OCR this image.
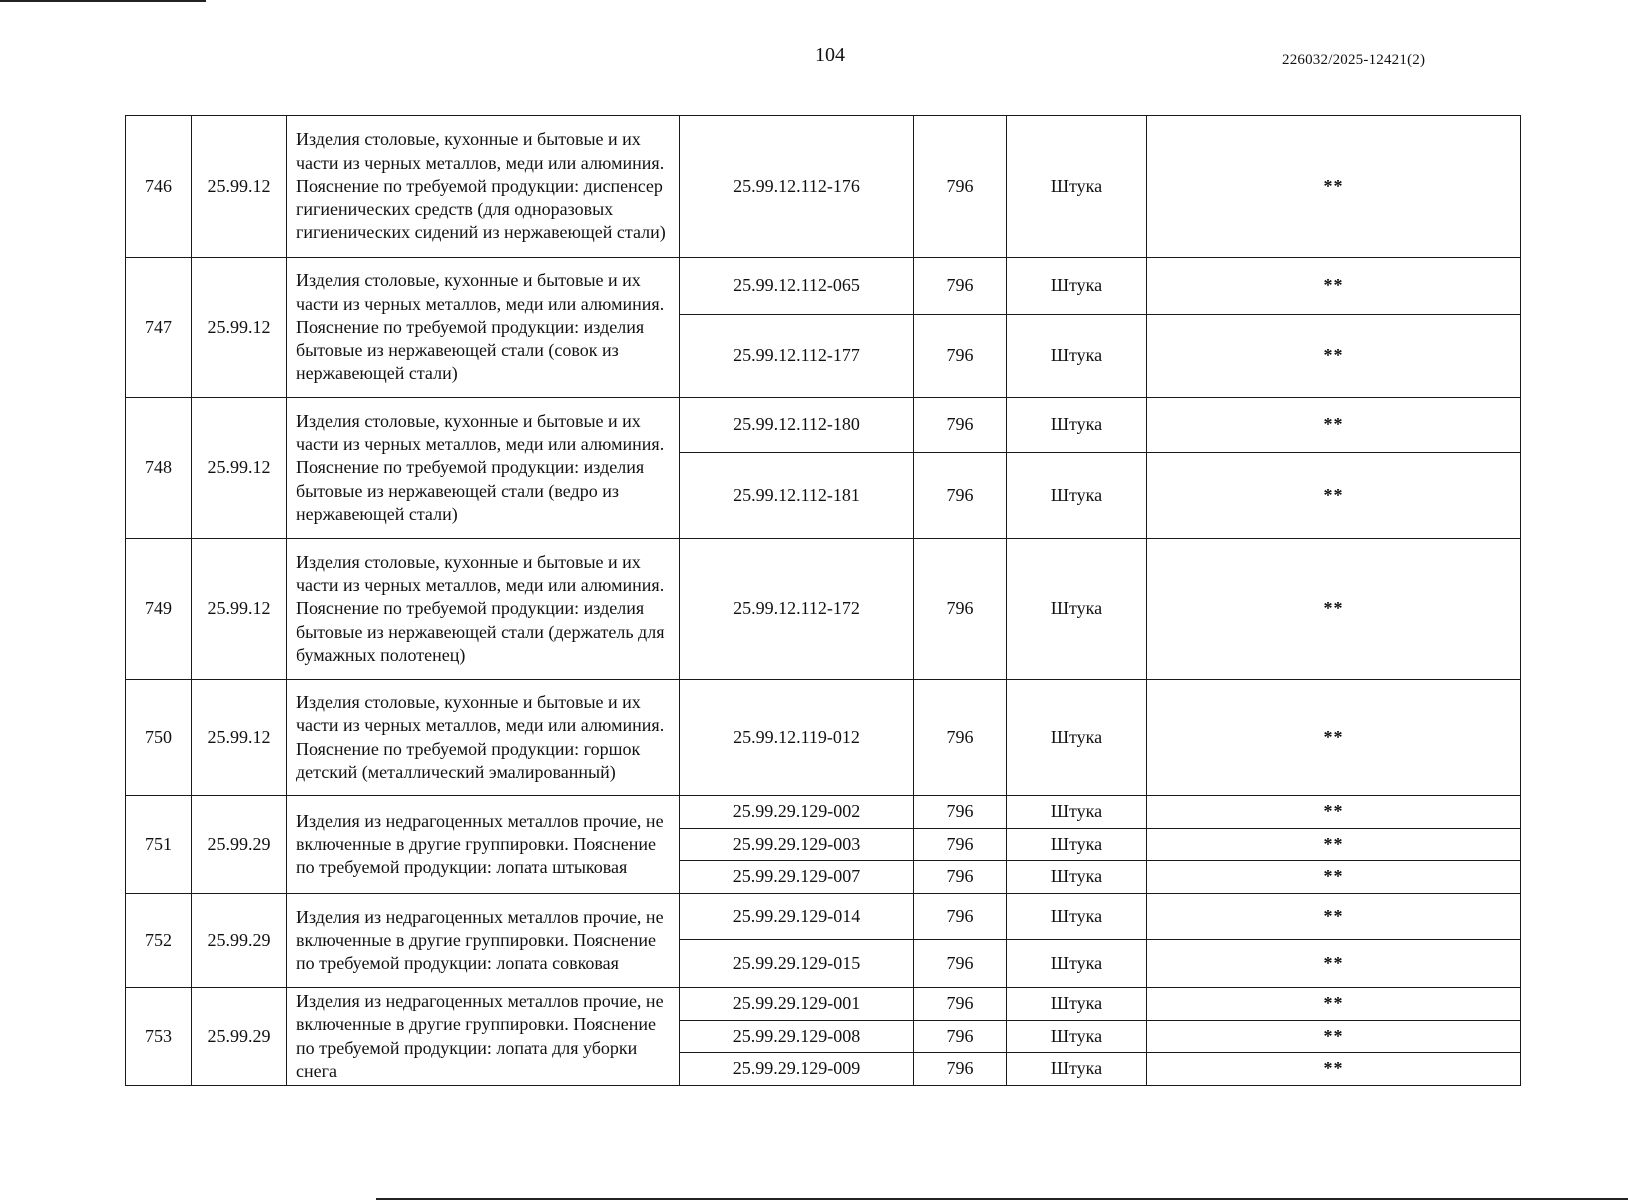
104	226032/2025-12421(2)
746	25.99.12	Изделия столовые, кухонные и бытовые и их части из черных металлов, меди или алюминия. Пояснение по требуемой продукции: диспенсер гигиенических средств (для одноразовых гигиенических сидений из нержавеющей стали)	25.99.12.112-176	796	Штука	**
747	25.99.12	Изделия столовые, кухонные и бытовые и их части из черных металлов, меди или алюминия. Пояснение по требуемой продукции: изделия бытовые из нержавеющей стали (совок из нержавеющей стали)	25.99.12.112-065	796	Штука	**
			25.99.12.112-177	796	Штука	**
748	25.99.12	Изделия столовые, кухонные и бытовые и их части из черных металлов, меди или алюминия. Пояснение по требуемой продукции: изделия бытовые из нержавеющей стали (ведро из нержавеющей стали)	25.99.12.112-180	796	Штука	**
			25.99.12.112-181	796	Штука	**
749	25.99.12	Изделия столовые, кухонные и бытовые и их части из черных металлов, меди или алюминия. Пояснение по требуемой продукции: изделия бытовые из нержавеющей стали (держатель для бумажных полотенец)	25.99.12.112-172	796	Штука	**
750	25.99.12	Изделия столовые, кухонные и бытовые и их части из черных металлов, меди или алюминия. Пояснение по требуемой продукции: горшок детский (металлический эмалированный)	25.99.12.119-012	796	Штука	**
751	25.99.29	Изделия из недрагоценных металлов прочие, не включенные в другие группировки. Пояснение по требуемой продукции: лопата штыковая	25.99.29.129-002	796	Штука	**
			25.99.29.129-003	796	Штука	**
			25.99.29.129-007	796	Штука	**
752	25.99.29	Изделия из недрагоценных металлов прочие, не включенные в другие группировки. Пояснение по требуемой продукции: лопата совковая	25.99.29.129-014	796	Штука	**
			25.99.29.129-015	796	Штука	**
753	25.99.29	Изделия из недрагоценных металлов прочие, не включенные в другие группировки. Пояснение по требуемой продукции: лопата для уборки снега	25.99.29.129-001	796	Штука	**
			25.99.29.129-008	796	Штука	**
			25.99.29.129-009	796	Штука	**
